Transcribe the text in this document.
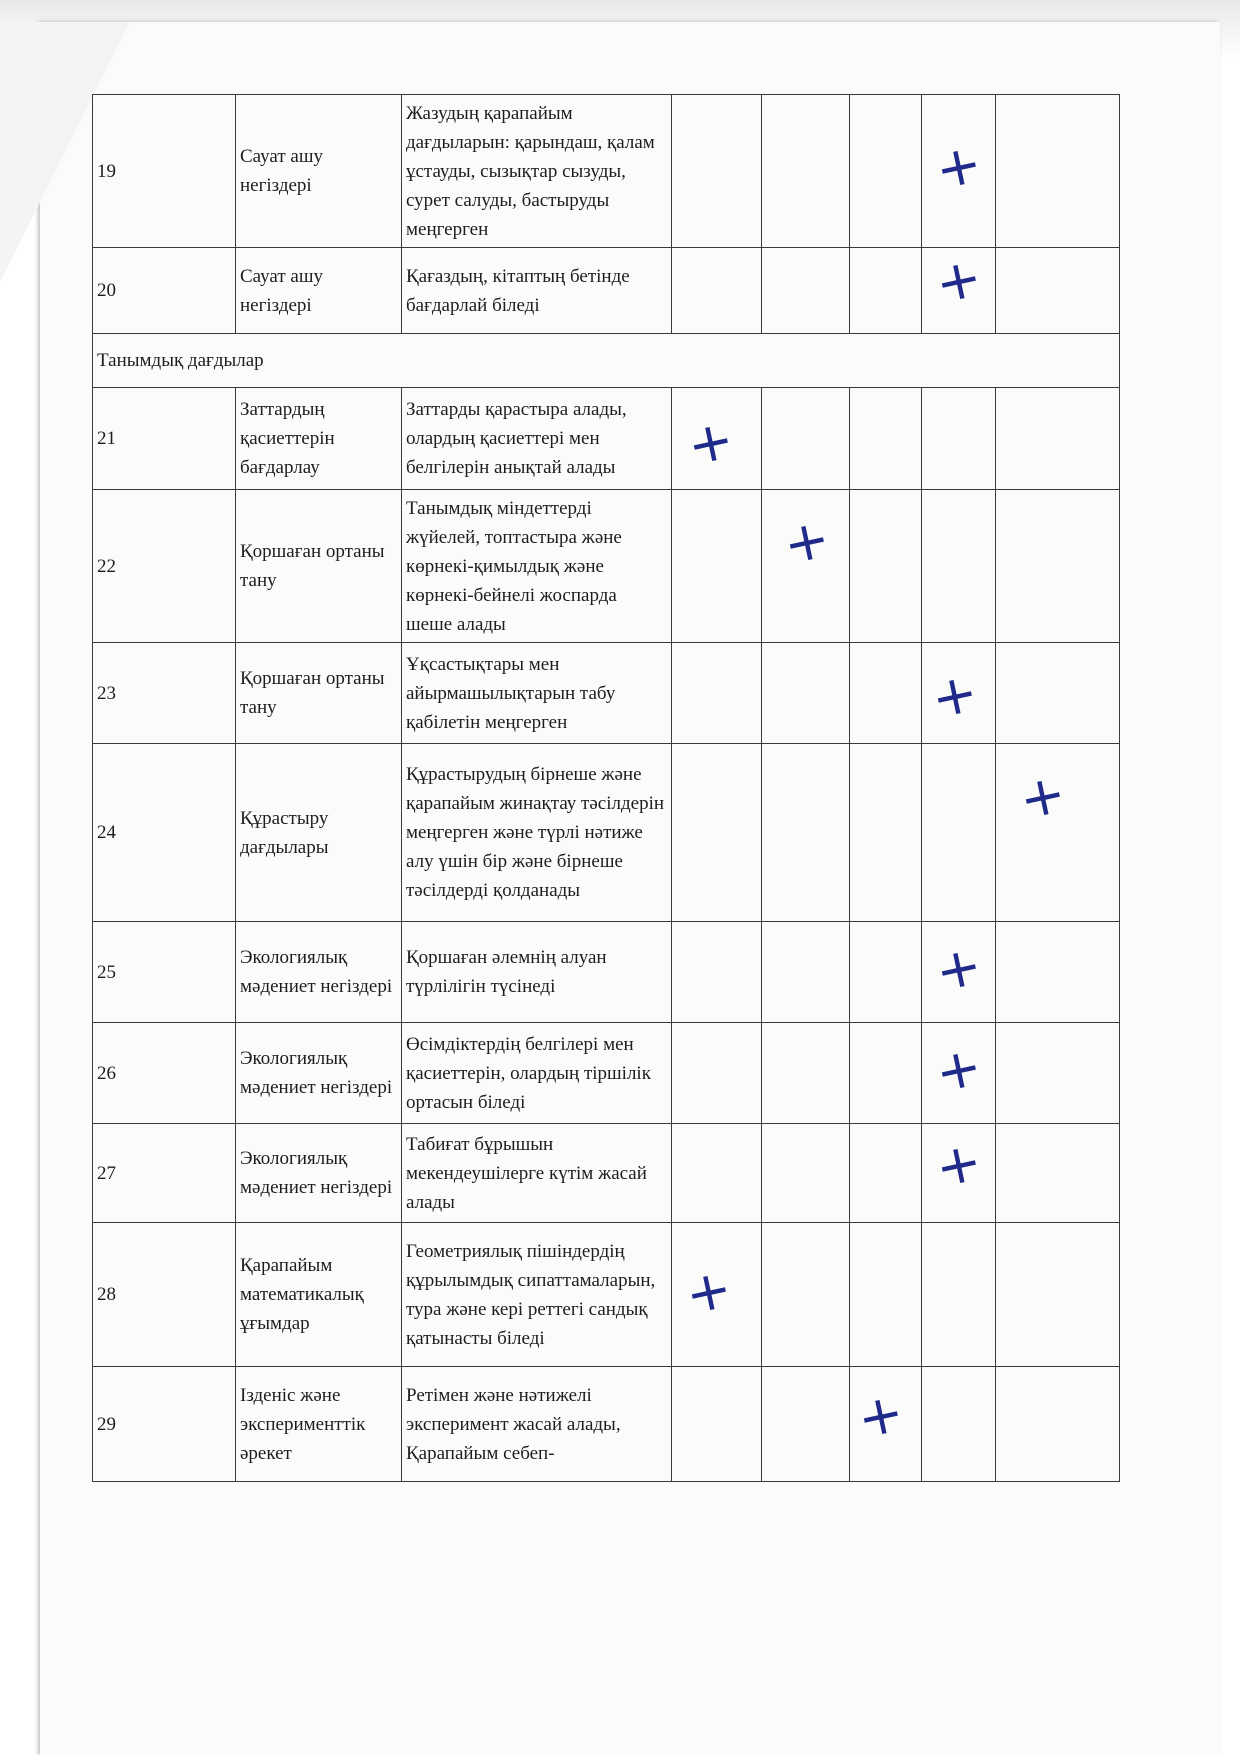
19	Сауат ашу негіздері	Жазудың қарапайым дағдыларын: қарындаш, қалам ұстауды, сызықтар сызуды, сурет салуды, бастыруды меңгерген				+	

20	Сауат ашу негіздері	Қағаздың, кітаптың бетінде бағдарлай біледі				+	

Танымдық дағдылар							
21	Заттардың қасиеттерін бағдарлау	Заттарды қарастыра алады, олардың қасиеттері мен белгілерін анықтай алады	+				

22	Қоршаған ортаны тану	Танымдық міндеттерді жүйелей, топтастыра және көрнекі-қимылдық және көрнекі-бейнелі жоспарда шеше алады		+			

23	Қоршаған ортаны тану	Ұқсастықтары мен айырмашылықтарын табу қабілетін меңгерген				+	

24	Құрастыру дағдылары	Құрастырудың бірнеше және қарапайым жинақтау тәсілдерін меңгерген және түрлі нәтиже алу үшін бір және бірнеше тәсілдерді қолданады					+

25	Экологиялық мәдениет негіздері	Қоршаған әлемнің алуан түрлілігін түсінеді				+	

26	Экологиялық мәдениет негіздері	Өсімдіктердің белгілері мен қасиеттерін, олардың тіршілік ортасын біледі				+	

27	Экологиялық мәдениет негіздері	Табиғат бұрышын мекендеушілерге күтім жасай алады				+	

28	Қарапайым математикалық ұғымдар	Геометриялық пішіндердің құрылымдық сипаттамаларын, тура және кері реттегі сандық қатынасты біледі	+				

29	Ізденіс және эксперименттік әрекет	Ретімен және нәтижелі эксперимент жасай алады, Қарапайым себеп-			+		
